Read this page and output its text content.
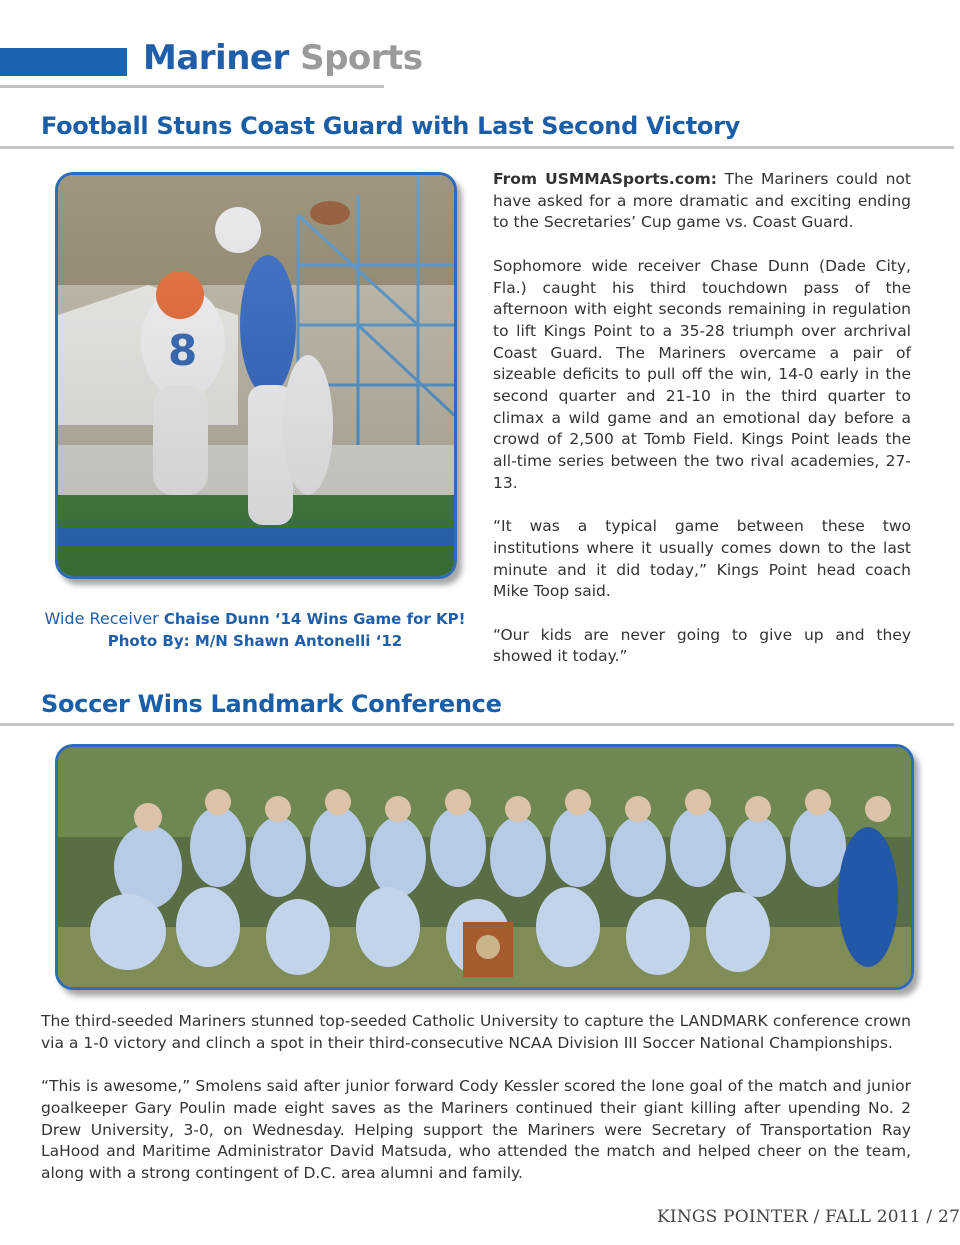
Mariner Sports
Football Stuns Coast Guard with Last Second Victory
8
Wide Receiver Chaise Dunn ‘14 Wins Game for KP!
Photo By: M/N Shawn Antonelli ‘12

From USMMASports.com: The Mariners could not have asked for a more dramatic and exciting ending to the Secretaries’ Cup game vs. Coast Guard.

Sophomore wide receiver Chase Dunn (Dade City, Fla.) caught his third touchdown pass of the afternoon with eight seconds remaining in regulation to lift Kings Point to a 35-28 triumph over archrival Coast Guard. The Mariners overcame a pair of sizeable deficits to pull off the win, 14-0 early in the second quarter and 21-10 in the third quarter to climax a wild game and an emotional day before a crowd of 2,500 at Tomb Field. Kings Point leads the all-time series between the two rival academies, 27-13.

“It was a typical game between these two institutions where it usually comes down to the last minute and it did today,” Kings Point head coach Mike Toop said.

“Our kids are never going to give up and they showed it today.”

Soccer Wins Landmark Conference

The third-seeded Mariners stunned top-seeded Catholic University to capture the LANDMARK conference crown via a 1-0 victory and clinch a spot in their third-consecutive NCAA Division III Soccer National Championships.

“This is awesome,” Smolens said after junior forward Cody Kessler scored the lone goal of the match and junior goalkeeper Gary Poulin made eight saves as the Mariners continued their giant killing after upending No. 2 Drew University, 3-0, on Wednesday. Helping support the Mariners were Secretary of Transportation Ray LaHood and Maritime Administrator David Matsuda, who attended the match and helped cheer on the team, along with a strong contingent of D.C. area alumni and family.

KINGS POINTER / FALL 2011 / 27
